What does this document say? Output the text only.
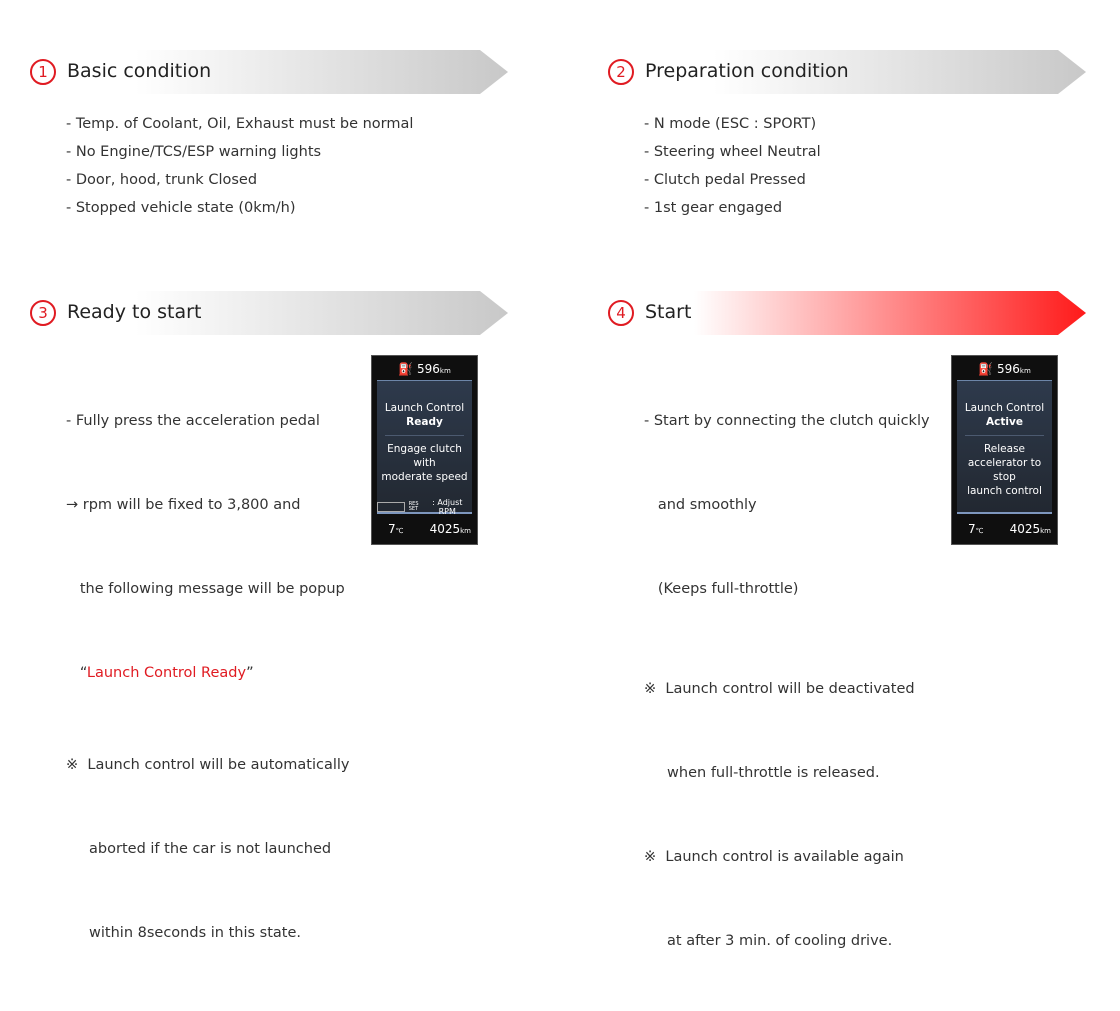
1	Basic condition
- Temp. of Coolant, Oil, Exhaust must be normal
- No Engine/TCS/ESP warning lights
- Door, hood, trunk Closed
- Stopped vehicle state (0km/h)
2	Preparation condition
- N mode (ESC : SPORT)
- Steering wheel Neutral
- Clutch pedal Pressed
- 1st gear engaged
3	Ready to start

- Fully press the acceleration pedal

→ rpm will be fixed to 3,800 and

the following message will be popup

“Launch Control Ready”

※  Launch control will be automatically

aborted if the car is not launched

within 8seconds in this state.

⛽ 596km
Launch Control
Ready
Engage clutch with
moderate speed
RES
SET
: Adjust RPM
7℃ 4025km
4	Start

- Start by connecting the clutch quickly

and smoothly

(Keeps full-throttle)

※  Launch control will be deactivated

when full-throttle is released.

※  Launch control is available again

at after 3 min. of cooling drive.

⛽ 596km
Launch Control
Active
Release
accelerator to stop
launch control
7℃ 4025km
